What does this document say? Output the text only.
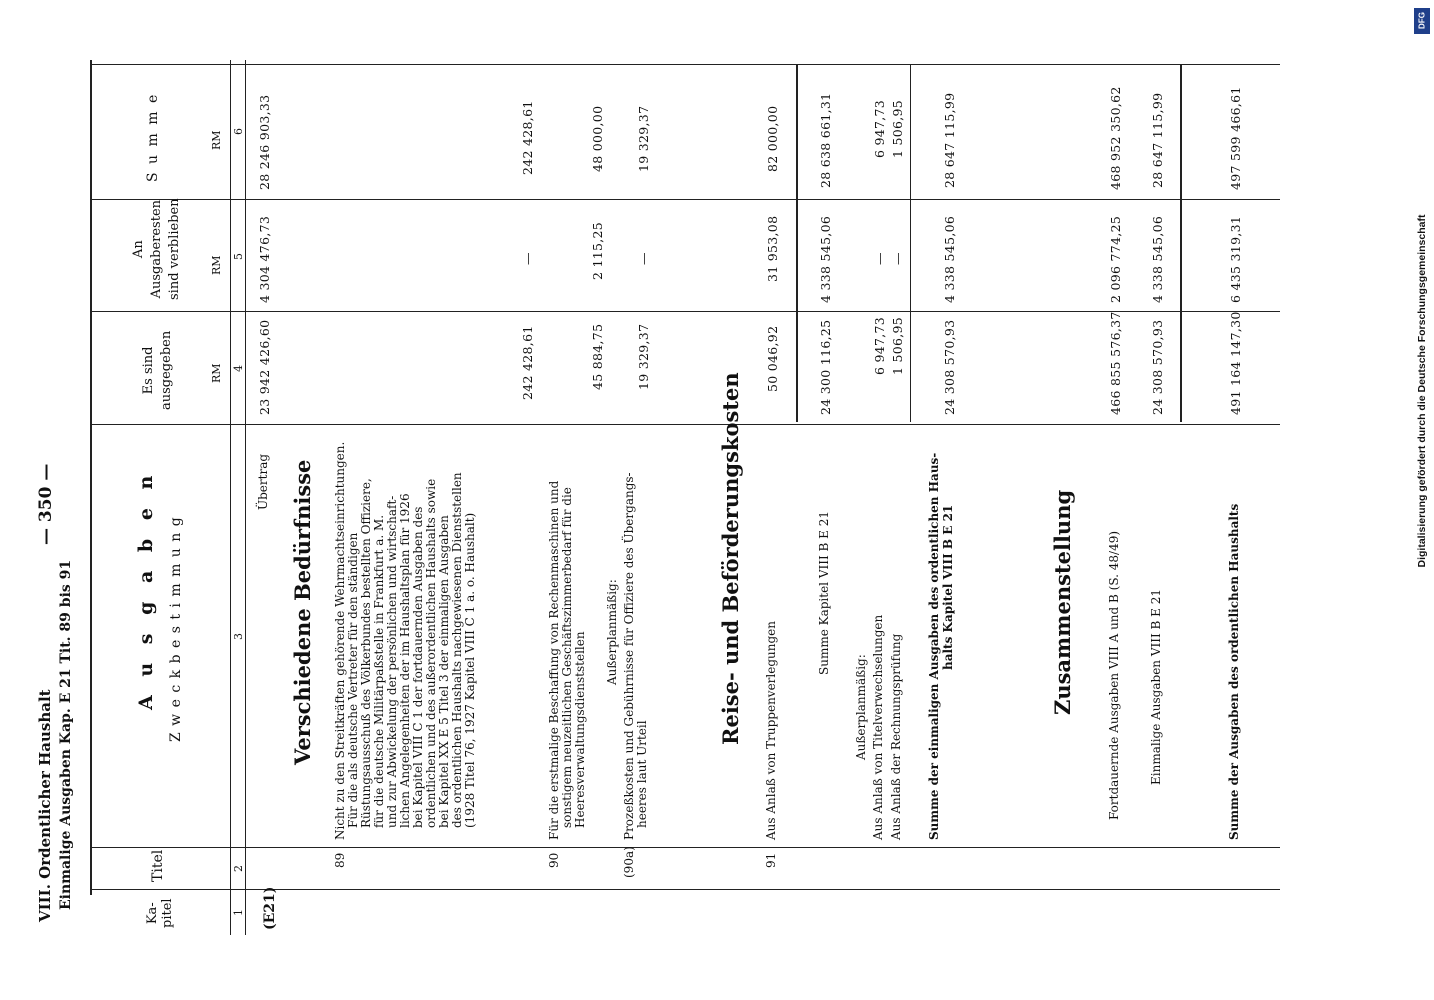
VIII. Ordentlicher Haushalt Einmalige Ausgaben Kap. E 21 Tit. 89 bis 91
— 350 —
Ka-
pitel
Titel
A u s g a b e n Z w e c k b e s t i m m u n g
Es sind
ausgegeben
An
Ausgaberesten
sind verblieben
S u m m e
RM
RM
RM
1
2
3
4
5
6
(E21)
Übertrag
23 942 426,60
4 304 476,73
28 246 903,33
Verschiedene Bedürfnisse
89
Nicht zu den Streitkräften gehörende Wehrmachtseinrichtungen. Für die als deutsche Vertreter für den ständigen Rüstungsausschuß des Völkerbundes bestellten Offiziere, für die deutsche Militärpaßstelle in Frankfurt a. M. und zur Abwickelung der persönlichen und wirtschaft- lichen Angelegenheiten der im Haushaltsplan für 1926 bei Kapitel VIII C 1 der fortdauernden Ausgaben des ordentlichen und des außerordentlichen Haushalts sowie bei Kapitel XX E 5 Titel 3 der einmaligen Ausgaben des ordentlichen Haushalts nachgewiesenen Dienststellen (1928 Titel 76, 1927 Kapitel VIII C 1 a. o. Haushalt)
242 428,61
—
242 428,61
90
Für die erstmalige Beschaffung von Rechenmaschinen und sonstigem neuzeitlichen Geschäftszimmerbedarf für die Heeresverwaltungsdienststellen
45 884,75
2 115,25
48 000,00
Außerplanmäßig:
(90a)
Prozeßkosten und Gebührnisse für Offiziere des Übergangs- heeres laut Urteil
19 329,37
—
19 329,37
Reise- und Beförderungskosten
91
Aus Anlaß von Truppenverlegungen
50 046,92
31 953,08
82 000,00
Summe Kapitel VIII B E 21
24 300 116,25
4 338 545,06
28 638 661,31
Außerplanmäßig: Aus Anlaß von Titelverwechselungen
6 947,73
—
6 947,73
Aus Anlaß der Rechnungsprüfung
1 506,95
—
1 506,95
Summe der einmaligen Ausgaben des ordentlichen Haus- halts Kapitel VIII B E 21
24 308 570,93
4 338 545,06
28 647 115,99
Zusammenstellung	Fortdauernde Ausgaben VIII A und B (S. 48/49)
466 855 576,37
2 096 774,25
468 952 350,62
Einmalige Ausgaben VIII B E 21
24 308 570,93
4 338 545,06
28 647 115,99
Summe der Ausgaben des ordentlichen Haushalts
491 164 147,30
6 435 319,31
497 599 466,61
Digitalisierung gefördert durch die Deutsche Forschungsgemeinschaft
DFG
